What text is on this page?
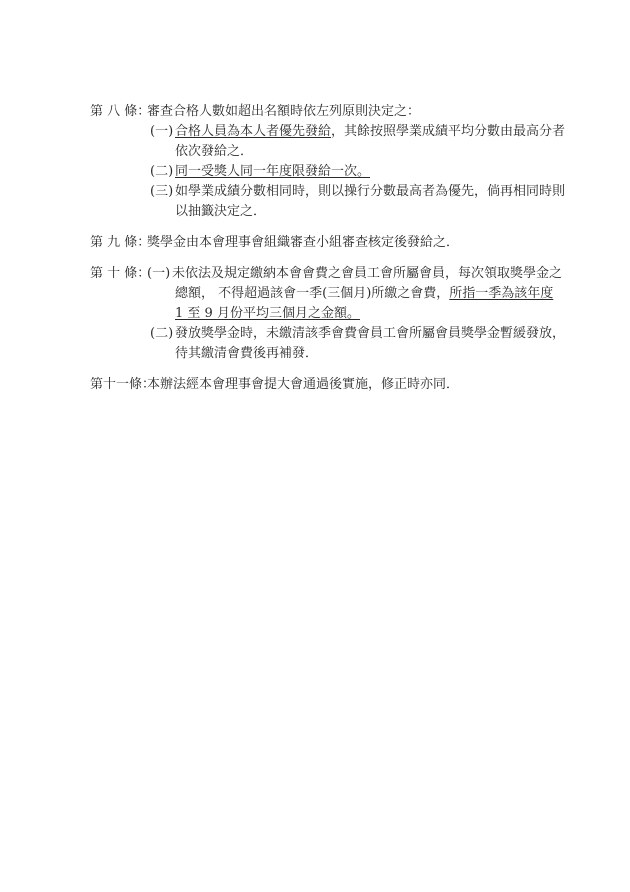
第 八 條：審查合格人數如超出名額時依左列原則決定之：
(一) 合格人員為本人者優先發給，其餘按照學業成績平均分數由最高分者
依次發給之．
(二) 同一受獎人同一年度限發給一次。
(三) 如學業成績分數相同時，則以操行分數最高者為優先，倘再相同時則
以抽籤決定之．
第 九 條：獎學金由本會理事會組織審查小組審查核定後發給之．
第 十 條：(一) 未依法及規定繳納本會會費之會員工會所屬會員，每次領取獎學金之
總額， 不得超過該會一季(三個月)所繳之會費，所指一季為該年度
1 至 9 月份平均三個月之金額。
(二) 發放獎學金時，未繳清該季會費會員工會所屬會員獎學金暫緩發放，
待其繳清會費後再補發．
第十一條：本辦法經本會理事會提大會通過後實施，修正時亦同．
